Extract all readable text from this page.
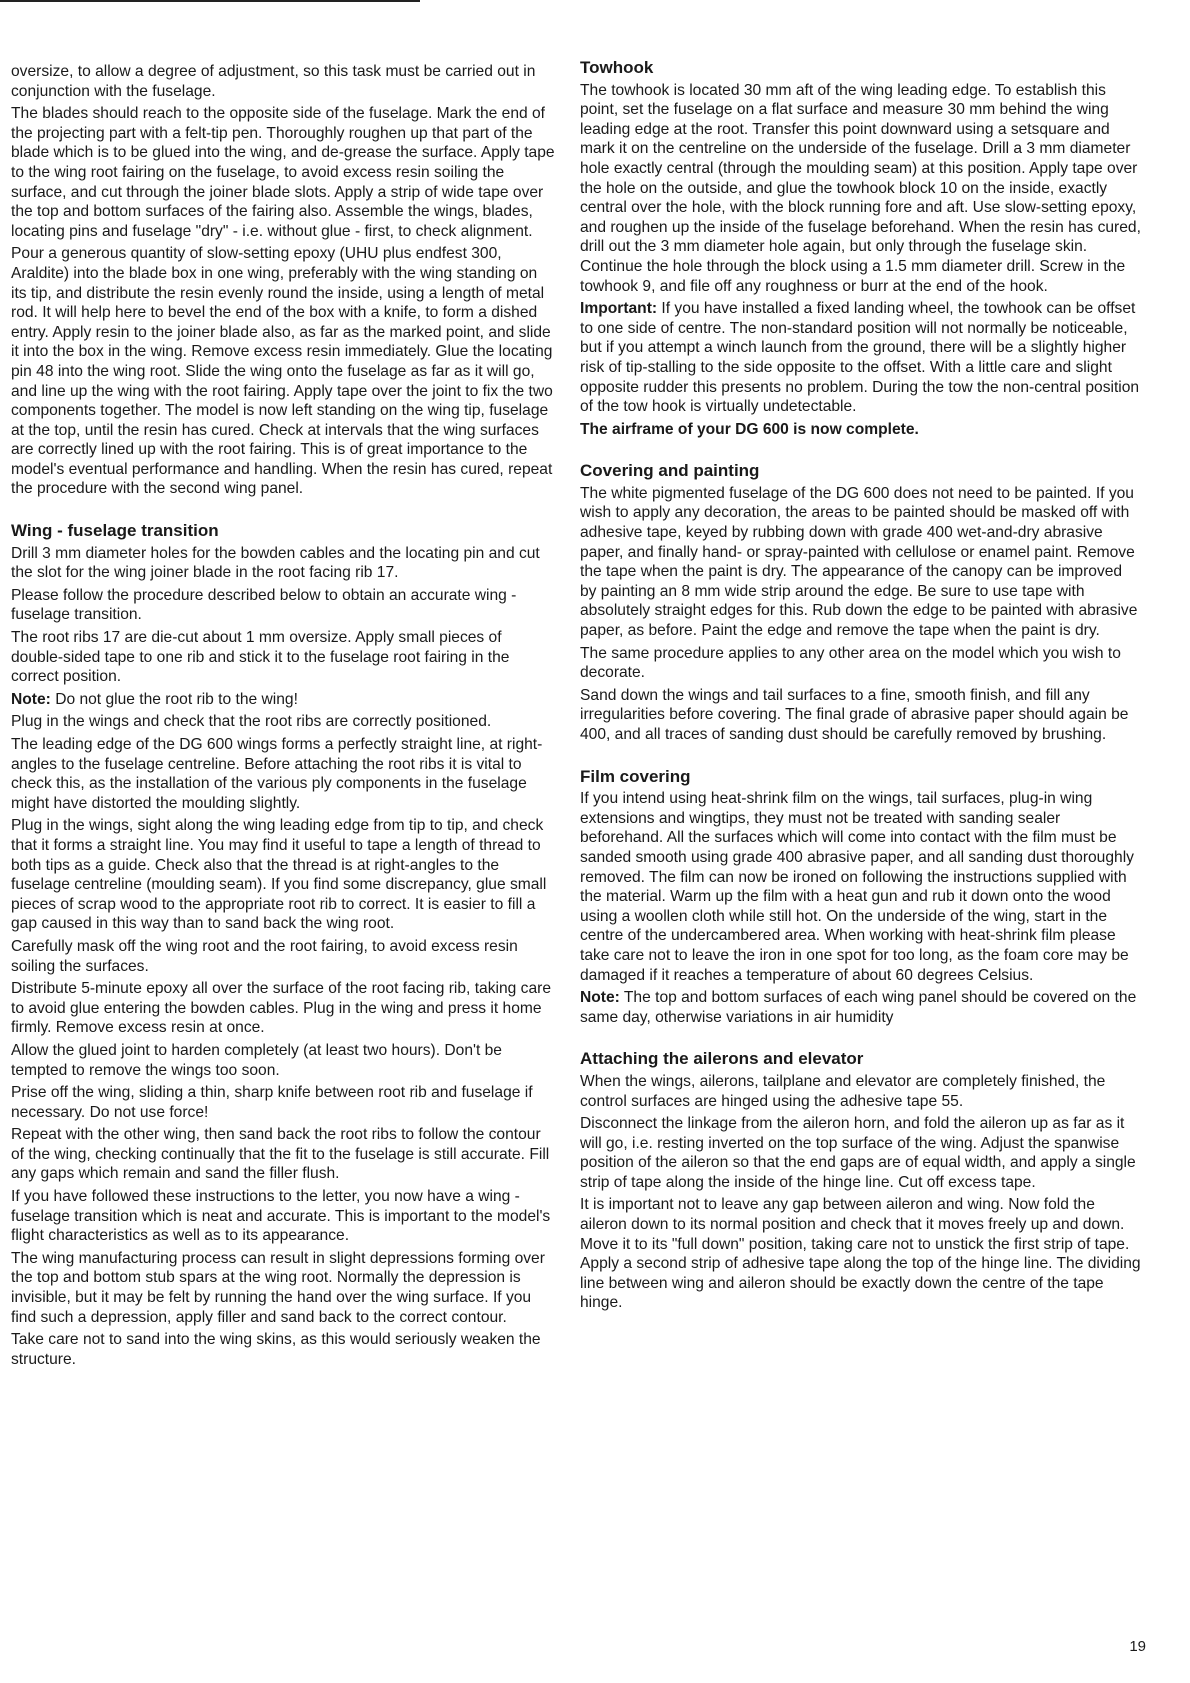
oversize, to allow a degree of adjustment, so this task must be carried out in conjunction with the fuselage.

The blades should reach to the opposite side of the fuselage. Mark the end of the projecting part with a felt-tip pen. Thoroughly roughen up that part of the blade which is to be glued into the wing, and de-grease the surface. Apply tape to the wing root fairing on the fuselage, to avoid excess resin soiling the surface, and cut through the joiner blade slots. Apply a strip of wide tape over the top and bottom surfaces of the fairing also. Assemble the wings, blades, locating pins and fuselage "dry" - i.e. without glue - first, to check alignment.

Pour a generous quantity of slow-setting epoxy (UHU plus endfest 300, Araldite) into the blade box in one wing, preferably with the wing standing on its tip, and distribute the resin evenly round the inside, using a length of metal rod. It will help here to bevel the end of the box with a knife, to form a dished entry. Apply resin to the joiner blade also, as far as the marked point, and slide it into the box in the wing. Remove excess resin immediately. Glue the locating pin 48 into the wing root. Slide the wing onto the fuselage as far as it will go, and line up the wing with the root fairing. Apply tape over the joint to fix the two components together. The model is now left standing on the wing tip, fuselage at the top, until the resin has cured. Check at intervals that the wing surfaces are correctly lined up with the root fairing. This is of great importance to the model's eventual performance and handling. When the resin has cured, repeat the procedure with the second wing panel.

Wing - fuselage transition

Drill 3 mm diameter holes for the bowden cables and the locating pin and cut the slot for the wing joiner blade in the root facing rib 17.

Please follow the procedure described below to obtain an accurate wing - fuselage transition.

The root ribs 17 are die-cut about 1 mm oversize. Apply small pieces of double-sided tape to one rib and stick it to the fuselage root fairing in the correct position.

Note: Do not glue the root rib to the wing!

Plug in the wings and check that the root ribs are correctly positioned.

The leading edge of the DG 600 wings forms a perfectly straight line, at right-angles to the fuselage centreline. Before attaching the root ribs it is vital to check this, as the installation of the various ply components in the fuselage might have distorted the moulding slightly.

Plug in the wings, sight along the wing leading edge from tip to tip, and check that it forms a straight line. You may find it useful to tape a length of thread to both tips as a guide. Check also that the thread is at right-angles to the fuselage centreline (moulding seam). If you find some discrepancy, glue small pieces of scrap wood to the appropriate root rib to correct. It is easier to fill a gap caused in this way than to sand back the wing root.

Carefully mask off the wing root and the root fairing, to avoid excess resin soiling the surfaces.

Distribute 5-minute epoxy all over the surface of the root facing rib, taking care to avoid glue entering the bowden cables. Plug in the wing and press it home firmly. Remove excess resin at once.

Allow the glued joint to harden completely (at least two hours). Don't be tempted to remove the wings too soon.

Prise off the wing, sliding a thin, sharp knife between root rib and fuselage if necessary. Do not use force!

Repeat with the other wing, then sand back the root ribs to follow the contour of the wing, checking continually that the fit to the fuselage is still accurate. Fill any gaps which remain and sand the filler flush.

If you have followed these instructions to the letter, you now have a wing - fuselage transition which is neat and accurate. This is important to the model's flight characteristics as well as to its appearance.

The wing manufacturing process can result in slight depressions forming over the top and bottom stub spars at the wing root. Normally the depression is invisible, but it may be felt by running the hand over the wing surface. If you find such a depression, apply filler and sand back to the correct contour.

Take care not to sand into the wing skins, as this would seriously weaken the structure.

Towhook

The towhook is located 30 mm aft of the wing leading edge. To establish this point, set the fuselage on a flat surface and measure 30 mm behind the wing leading edge at the root. Transfer this point downward using a setsquare and mark it on the centreline on the underside of the fuselage. Drill a 3 mm diameter hole exactly central (through the moulding seam) at this position. Apply tape over the hole on the outside, and glue the towhook block 10 on the inside, exactly central over the hole, with the block running fore and aft. Use slow-setting epoxy, and roughen up the inside of the fuselage beforehand. When the resin has cured, drill out the 3 mm diameter hole again, but only through the fuselage skin. Continue the hole through the block using a 1.5 mm diameter drill. Screw in the towhook 9, and file off any roughness or burr at the end of the hook.

Important: If you have installed a fixed landing wheel, the towhook can be offset to one side of centre. The non-standard position will not normally be noticeable, but if you attempt a winch launch from the ground, there will be a slightly higher risk of tip-stalling to the side opposite to the offset. With a little care and slight opposite rudder this presents no problem. During the tow the non-central position of the tow hook is virtually undetectable.

The airframe of your DG 600 is now complete.

Covering and painting

The white pigmented fuselage of the DG 600 does not need to be painted. If you wish to apply any decoration, the areas to be painted should be masked off with adhesive tape, keyed by rubbing down with grade 400 wet-and-dry abrasive paper, and finally hand- or spray-painted with cellulose or enamel paint. Remove the tape when the paint is dry. The appearance of the canopy can be improved by painting an 8 mm wide strip around the edge. Be sure to use tape with absolutely straight edges for this. Rub down the edge to be painted with abrasive paper, as before. Paint the edge and remove the tape when the paint is dry.

The same procedure applies to any other area on the model which you wish to decorate.

Sand down the wings and tail surfaces to a fine, smooth finish, and fill any irregularities before covering. The final grade of abrasive paper should again be 400, and all traces of sanding dust should be carefully removed by brushing.

Film covering

If you intend using heat-shrink film on the wings, tail surfaces, plug-in wing extensions and wingtips, they must not be treated with sanding sealer beforehand. All the surfaces which will come into contact with the film must be sanded smooth using grade 400 abrasive paper, and all sanding dust thoroughly removed. The film can now be ironed on following the instructions supplied with the material. Warm up the film with a heat gun and rub it down onto the wood using a woollen cloth while still hot. On the underside of the wing, start in the centre of the undercambered area. When working with heat-shrink film please take care not to leave the iron in one spot for too long, as the foam core may be damaged if it reaches a temperature of about 60 degrees Celsius.

Note: The top and bottom surfaces of each wing panel should be covered on the same day, otherwise variations in air humidity

Attaching the ailerons and elevator

When the wings, ailerons, tailplane and elevator are completely finished, the control surfaces are hinged using the adhesive tape 55.

Disconnect the linkage from the aileron horn, and fold the aileron up as far as it will go, i.e. resting inverted on the top surface of the wing. Adjust the spanwise position of the aileron so that the end gaps are of equal width, and apply a single strip of tape along the inside of the hinge line. Cut off excess tape.

It is important not to leave any gap between aileron and wing. Now fold the aileron down to its normal position and check that it moves freely up and down. Move it to its "full down" position, taking care not to unstick the first strip of tape. Apply a second strip of adhesive tape along the top of the hinge line. The dividing line between wing and aileron should be exactly down the centre of the tape hinge.

19
